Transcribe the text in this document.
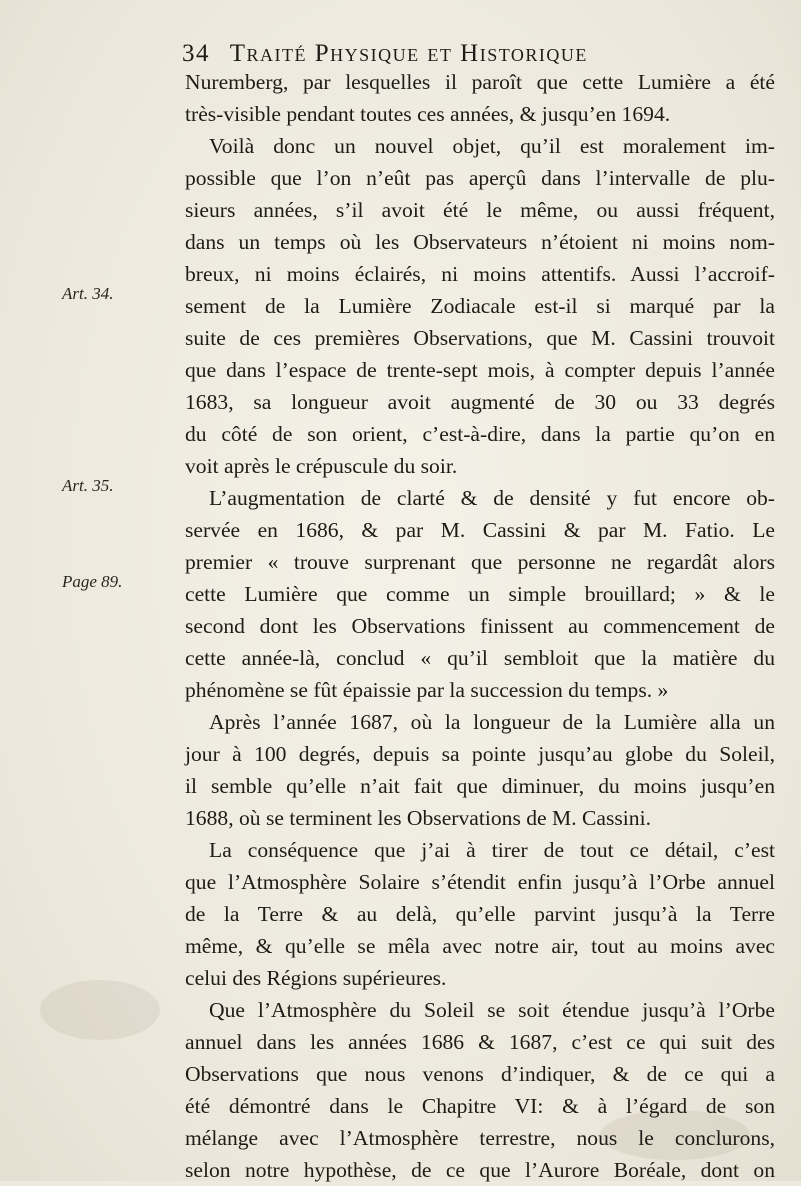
34 Traité Physique et Historique
Art. 34.
Art. 35.
Page 89.
Nuremberg, par lesquelles il paroît que cette Lumière a été
très-visible pendant toutes ces années, & jusqu’en 1694.
Voilà donc un nouvel objet, qu’il est moralement im-
possible que l’on n’eût pas aperçû dans l’intervalle de plu-
sieurs années, s’il avoit été le même, ou aussi fréquent,
dans un temps où les Observateurs n’étoient ni moins nom-
breux, ni moins éclairés, ni moins attentifs. Aussi l’accroif-
sement de la Lumière Zodiacale est-il si marqué par la
suite de ces premières Observations, que M. Cassini trouvoit
que dans l’espace de trente-sept mois, à compter depuis l’année
1683, sa longueur avoit augmenté de 30 ou 33 degrés
du côté de son orient, c’est-à-dire, dans la partie qu’on en
voit après le crépuscule du soir.
L’augmentation de clarté & de densité y fut encore ob-
servée en 1686, & par M. Cassini & par M. Fatio. Le
premier « trouve surprenant que personne ne regardât alors
cette Lumière que comme un simple brouillard; » & le
second dont les Observations finissent au commencement de
cette année-là, conclud « qu’il sembloit que la matière du
phénomène se fût épaissie par la succession du temps. »
Après l’année 1687, où la longueur de la Lumière alla un
jour à 100 degrés, depuis sa pointe jusqu’au globe du Soleil,
il semble qu’elle n’ait fait que diminuer, du moins jusqu’en
1688, où se terminent les Observations de M. Cassini.
La conséquence que j’ai à tirer de tout ce détail, c’est
que l’Atmosphère Solaire s’étendit enfin jusqu’à l’Orbe annuel
de la Terre & au delà, qu’elle parvint jusqu’à la Terre
même, & qu’elle se mêla avec notre air, tout au moins avec
celui des Régions supérieures.
Que l’Atmosphère du Soleil se soit étendue jusqu’à l’Orbe
annuel dans les années 1686 & 1687, c’est ce qui suit des
Observations que nous venons d’indiquer, & de ce qui a
été démontré dans le Chapitre VI: & à l’égard de son
mélange avec l’Atmosphère terrestre, nous le conclurons,
selon notre hypothèse, de ce que l’Aurore Boréale, dont on
